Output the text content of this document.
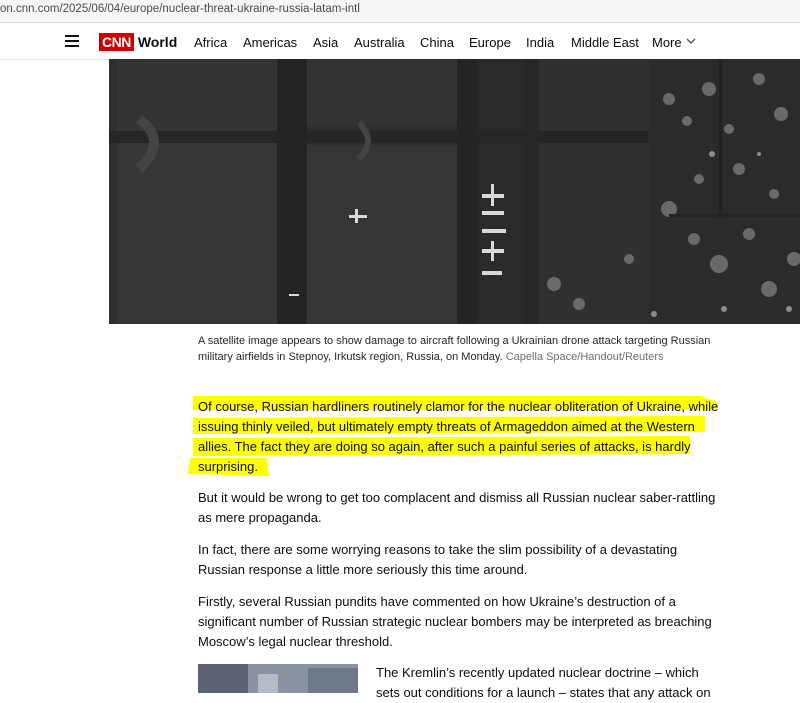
on.cnn.com/2025/06/04/europe/nuclear-threat-ukraine-russia-latam-intl
CNN World Africa Americas Asia Australia China Europe India Middle East More
A satellite image appears to show damage to aircraft following a Ukrainian drone attack targeting Russian military airfields in Stepnoy, Irkutsk region, Russia, on Monday. Capella Space/Handout/Reuters

Of course, Russian hardliners routinely clamor for the nuclear obliteration of Ukraine, while issuing thinly veiled, but ultimately empty threats of Armageddon aimed at the Western allies. The fact they are doing so again, after such a painful series of attacks, is hardly surprising.

But it would be wrong to get too complacent and dismiss all Russian nuclear saber-rattling as mere propaganda.

In fact, there are some worrying reasons to take the slim possibility of a devastating Russian response a little more seriously this time around.

Firstly, several Russian pundits have commented on how Ukraine’s destruction of a significant number of Russian strategic nuclear bombers may be interpreted as breaching Moscow’s legal nuclear threshold.

The Kremlin’s recently updated nuclear doctrine – which sets out conditions for a launch – states that any attack on
